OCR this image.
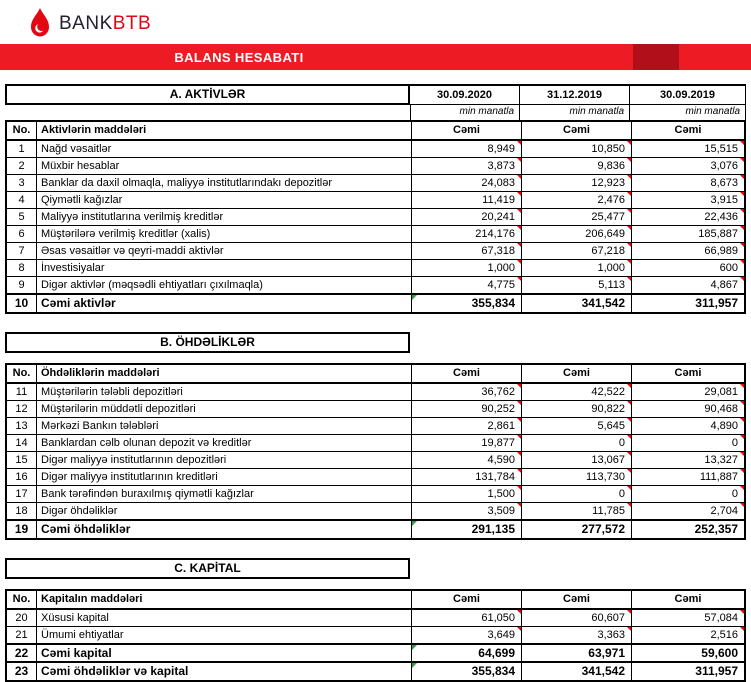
BANKBTB
BALANS HESABATI
A. AKTİVLƏR	30.09.2020	31.12.2019	30.09.2019
min manatla	min manatla	min manatla
No. Aktivlərin maddələri	Cəmi	Cəmi	Cəmi
1	Nağd vəsaitlər	8,949	10,850	15,515
2	Müxbir hesablar	3,873	9,836	3,076
3	Banklar da daxil olmaqla, maliyyə institutlarındakı depozitlər	24,083	12,923	8,673
4	Qiymətli kağızlar	11,419	2,476	3,915
5	Maliyyə institutlarına verilmiş kreditlər	20,241	25,477	22,436
6	Müştərilərə verilmiş kreditlər (xalis)	214,176	206,649	185,887
7	Əsas vəsaitlər və qeyri-maddi aktivlər	67,318	67,218	66,989
8	İnvestisiyalar	1,000	1,000	600
9	Digər aktivlər (məqsədli ehtiyatları çıxılmaqla)	4,775	5,113	4,867
10	Cəmi aktivlər	355,834	341,542	311,957
B. ÖHDƏLİKLƏR
No. Öhdəliklərin maddələri	Cəmi	Cəmi	Cəmi
11	Müştərilərin tələbli depozitləri	36,762	42,522	29,081
12	Müştərilərin müddətli depozitləri	90,252	90,822	90,468
13	Mərkəzi Bankın tələbləri	2,861	5,645	4,890
14	Banklardan cəlb olunan depozit və kreditlər	19,877	0	0
15	Digər maliyyə institutlarının depozitləri	4,590	13,067	13,327
16	Digər maliyyə institutlarının kreditləri	131,784	113,730	111,887
17	Bank tərəfindən buraxılmış qiymətli kağızlar	1,500	0	0
18	Digər öhdəliklər	3,509	11,785	2,704
19	Cəmi öhdəliklər	291,135	277,572	252,357
C. KAPİTAL
No. Kapitalın maddələri	Cəmi	Cəmi	Cəmi
20	Xüsusi kapital	61,050	60,607	57,084
21	Ümumi ehtiyatlar	3,649	3,363	2,516
22	Cəmi kapital	64,699	63,971	59,600
23	Cəmi öhdəliklər və kapital	355,834	341,542	311,957
